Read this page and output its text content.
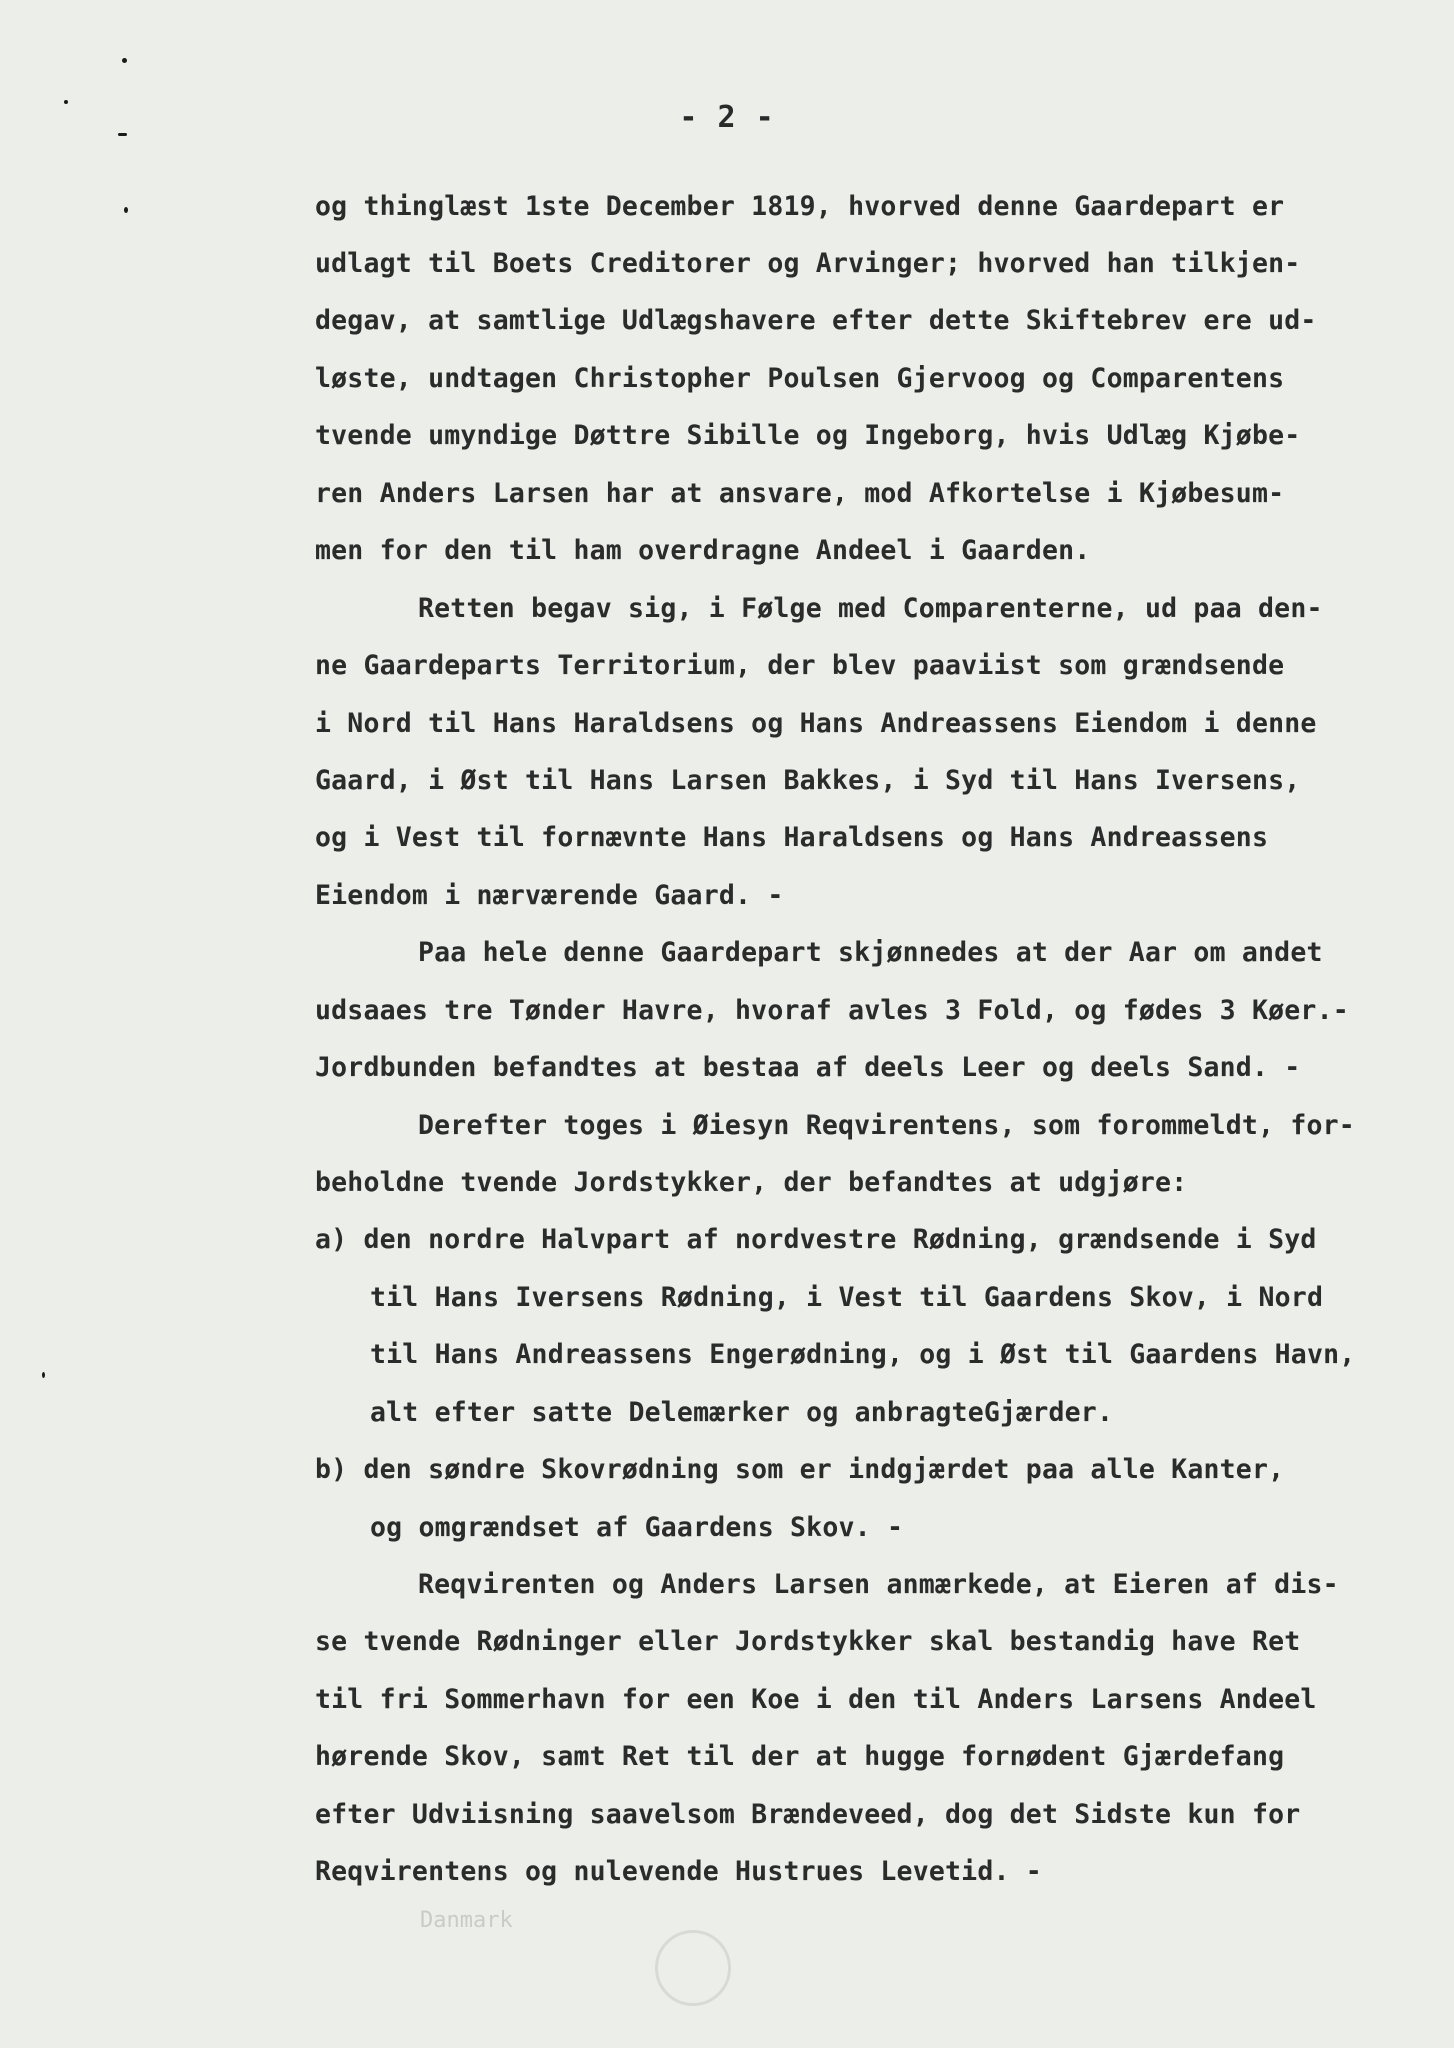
- 2 -
og thinglæst 1ste December 1819, hvorved denne Gaardepart er
udlagt til Boets Creditorer og Arvinger; hvorved han tilkjen-
degav, at samtlige Udlægshavere efter dette Skiftebrev ere ud-
løste, undtagen Christopher Poulsen Gjervoog og Comparentens
tvende umyndige Døttre Sibille og Ingeborg, hvis Udlæg Kjøbe-
ren Anders Larsen har at ansvare, mod Afkortelse i Kjøbesum-
men for den til ham overdragne Andeel i Gaarden.
Retten begav sig, i Følge med Comparenterne, ud paa den-
ne Gaardeparts Territorium, der blev paaviist som grændsende
i Nord til Hans Haraldsens og Hans Andreassens Eiendom i denne
Gaard, i Øst til Hans Larsen Bakkes, i Syd til Hans Iversens,
og i Vest til fornævnte Hans Haraldsens og Hans Andreassens
Eiendom i nærværende Gaard. -
Paa hele denne Gaardepart skjønnedes at der Aar om andet
udsaaes tre Tønder Havre, hvoraf avles 3 Fold, og fødes 3 Køer.-
Jordbunden befandtes at bestaa af deels Leer og deels Sand. -
Derefter toges i Øiesyn Reqvirentens, som forommeldt, for-
beholdne tvende Jordstykker, der befandtes at udgjøre:
a) den nordre Halvpart af nordvestre Rødning, grændsende i Syd
til Hans Iversens Rødning, i Vest til Gaardens Skov, i Nord
til Hans Andreassens Engerødning, og i Øst til Gaardens Havn,
alt efter satte Delemærker og anbragteGjærder.
b) den søndre Skovrødning som er indgjærdet paa alle Kanter,
og omgrændset af Gaardens Skov. -
Reqvirenten og Anders Larsen anmærkede, at Eieren af dis-
se tvende Rødninger eller Jordstykker skal bestandig have Ret
til fri Sommerhavn for een Koe i den til Anders Larsens Andeel
hørende Skov, samt Ret til der at hugge fornødent Gjærdefang
efter Udviisning saavelsom Brændeveed, dog det Sidste kun for
Reqvirentens og nulevende Hustrues Levetid. -
Danmark
